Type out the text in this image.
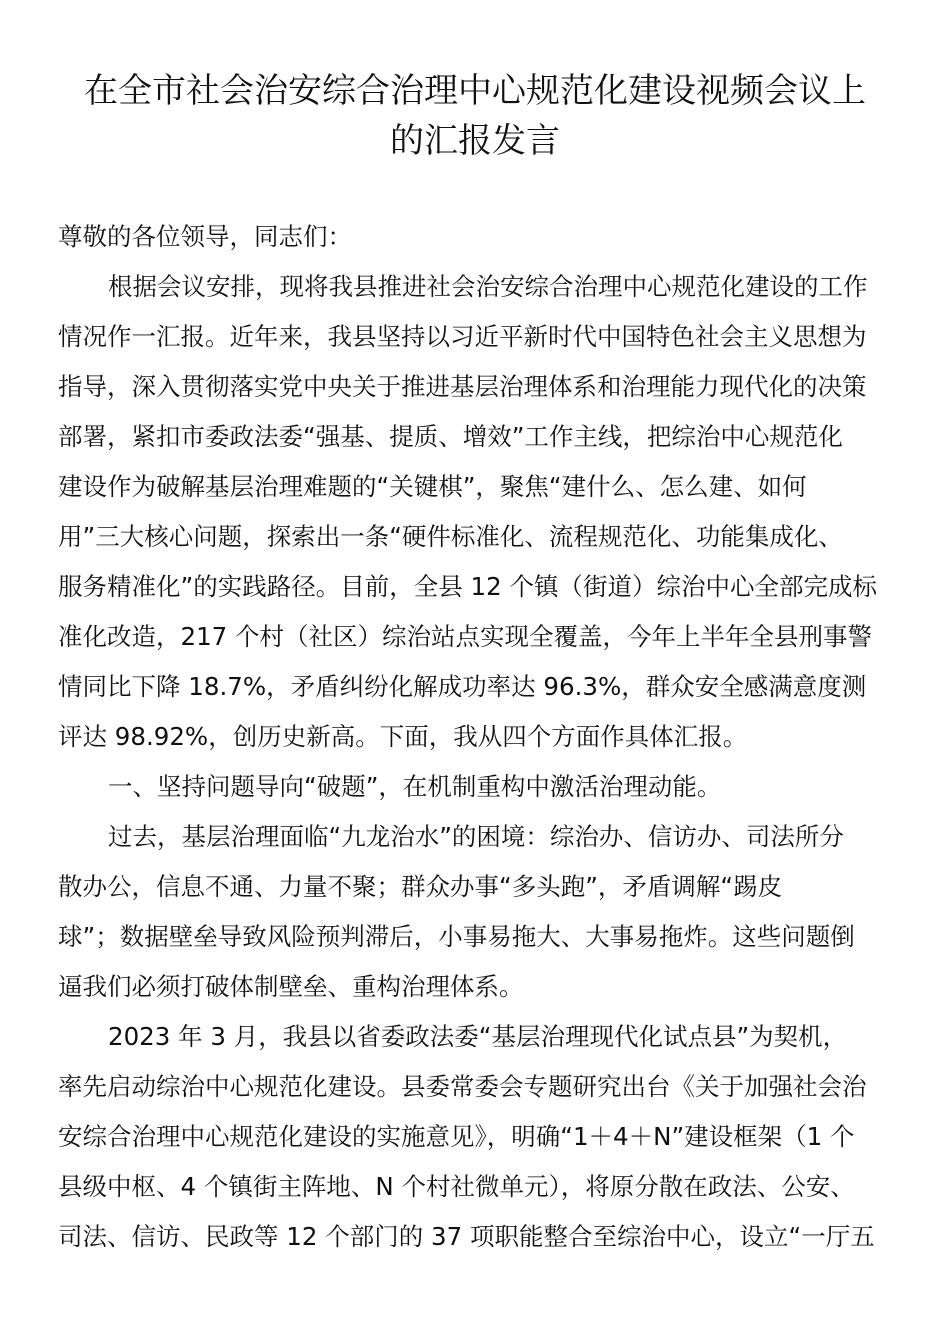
在全市社会治安综合治理中心规范化建设视频会议上
的汇报发言
尊敬的各位领导，同志们：
根据会议安排，现将我县推进社会治安综合治理中心规范化建设的工作
情况作一汇报。近年来，我县坚持以习近平新时代中国特色社会主义思想为
指导，深入贯彻落实党中央关于推进基层治理体系和治理能力现代化的决策
部署，紧扣市委政法委“强基、提质、增效”工作主线，把综治中心规范化
建设作为破解基层治理难题的“关键棋”，聚焦“建什么、怎么建、如何
用”三大核心问题，探索出一条“硬件标准化、流程规范化、功能集成化、
服务精准化”的实践路径。目前，全县 12 个镇（街道）综治中心全部完成标
准化改造，217 个村（社区）综治站点实现全覆盖，今年上半年全县刑事警
情同比下降 18.7%，矛盾纠纷化解成功率达 96.3%，群众安全感满意度测
评达 98.92%，创历史新高。下面，我从四个方面作具体汇报。
一、坚持问题导向“破题”，在机制重构中激活治理动能。
过去，基层治理面临“九龙治水”的困境：综治办、信访办、司法所分
散办公，信息不通、力量不聚；群众办事“多头跑”，矛盾调解“踢皮
球”；数据壁垒导致风险预判滞后，小事易拖大、大事易拖炸。这些问题倒
逼我们必须打破体制壁垒、重构治理体系。
2023 年 3 月，我县以省委政法委“基层治理现代化试点县”为契机，
率先启动综治中心规范化建设。县委常委会专题研究出台《关于加强社会治
安综合治理中心规范化建设的实施意见》，明确“1＋4＋N”建设框架（1 个
县级中枢、4 个镇街主阵地、N 个村社微单元），将原分散在政法、公安、
司法、信访、民政等 12 个部门的 37 项职能整合至综治中心，设立“一厅五
